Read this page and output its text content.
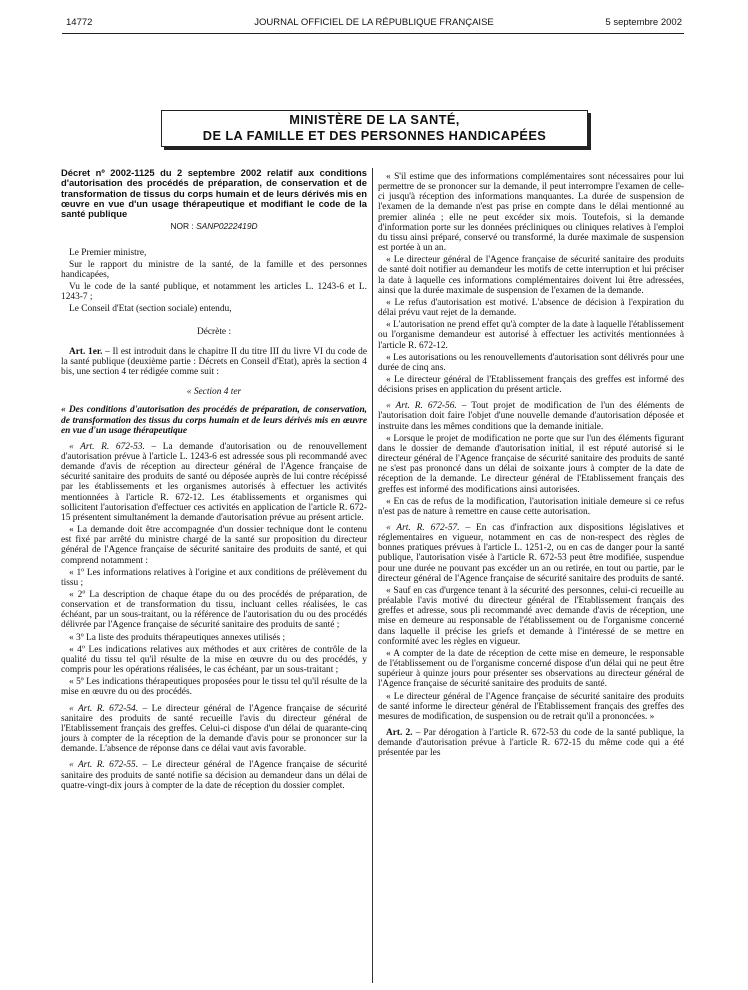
14772	JOURNAL OFFICIEL DE LA RÉPUBLIQUE FRANÇAISE	5 septembre 2002
MINISTÈRE DE LA SANTÉ,
DE LA FAMILLE ET DES PERSONNES HANDICAPÉES
Décret nº 2002-1125 du 2 septembre 2002 relatif aux conditions d'autorisation des procédés de préparation, de conservation et de transformation de tissus du corps humain et de leurs dérivés mis en œuvre en vue d'un usage thérapeutique et modifiant le code de la santé publique
NOR : SANP0222419D

Le Premier ministre,

Sur le rapport du ministre de la santé, de la famille et des personnes handicapées,

Vu le code de la santé publique, et notamment les articles L. 1243-6 et L. 1243-7 ;

Le Conseil d'Etat (section sociale) entendu,

Décrète :

Art. 1er. – Il est introduit dans le chapitre II du titre III du livre VI du code de la santé publique (deuxième partie : Décrets en Conseil d'Etat), après la section 4 bis, une section 4 ter rédigée comme suit :

« Section 4 ter

« Des conditions d'autorisation des procédés de préparation, de conservation, de transformation des tissus du corps humain et de leurs dérivés mis en œuvre en vue d'un usage thérapeutique

« Art. R. 672-53. – La demande d'autorisation ou de renouvellement d'autorisation prévue à l'article L. 1243-6 est adressée sous pli recommandé avec demande d'avis de réception au directeur général de l'Agence française de sécurité sanitaire des produits de santé ou déposée auprès de lui contre récépissé par les établissements et les organismes autorisés à effectuer les activités mentionnées à l'article R. 672-12. Les établissements et organismes qui sollicitent l'autorisation d'effectuer ces activités en application de l'article R. 672-15 présentent simultanément la demande d'autorisation prévue au présent article.

« La demande doit être accompagnée d'un dossier technique dont le contenu est fixé par arrêté du ministre chargé de la santé sur proposition du directeur général de l'Agence française de sécurité sanitaire des produits de santé, et qui comprend notamment :

« 1º Les informations relatives à l'origine et aux conditions de prélèvement du tissu ;

« 2º La description de chaque étape du ou des procédés de préparation, de conservation et de transformation du tissu, incluant celles réalisées, le cas échéant, par un sous-traitant, ou la référence de l'autorisation du ou des procédés délivrée par l'Agence française de sécurité sanitaire des produits de santé ;

« 3º La liste des produits thérapeutiques annexes utilisés ;

« 4º Les indications relatives aux méthodes et aux critères de contrôle de la qualité du tissu tel qu'il résulte de la mise en œuvre du ou des procédés, y compris pour les opérations réalisées, le cas échéant, par un sous-traitant ;

« 5º Les indications thérapeutiques proposées pour le tissu tel qu'il résulte de la mise en œuvre du ou des procédés.

« Art. R. 672-54. – Le directeur général de l'Agence française de sécurité sanitaire des produits de santé recueille l'avis du directeur général de l'Etablissement français des greffes. Celui-ci dispose d'un délai de quarante-cinq jours à compter de la réception de la demande d'avis pour se prononcer sur la demande. L'absence de réponse dans ce délai vaut avis favorable.

« Art. R. 672-55. – Le directeur général de l'Agence française de sécurité sanitaire des produits de santé notifie sa décision au demandeur dans un délai de quatre-vingt-dix jours à compter de la date de réception du dossier complet.

« S'il estime que des informations complémentaires sont nécessaires pour lui permettre de se prononcer sur la demande, il peut interrompre l'examen de celle-ci jusqu'à réception des informations manquantes. La durée de suspension de l'examen de la demande n'est pas prise en compte dans le délai mentionné au premier alinéa ; elle ne peut excéder six mois. Toutefois, si la demande d'information porte sur les données précliniques ou cliniques relatives à l'emploi du tissu ainsi préparé, conservé ou transformé, la durée maximale de suspension est portée à un an.

« Le directeur général de l'Agence française de sécurité sanitaire des produits de santé doit notifier au demandeur les motifs de cette interruption et lui préciser la date à laquelle ces informations complémentaires doivent lui être adressées, ainsi que la durée maximale de suspension de l'examen de la demande.

« Le refus d'autorisation est motivé. L'absence de décision à l'expiration du délai prévu vaut rejet de la demande.

« L'autorisation ne prend effet qu'à compter de la date à laquelle l'établissement ou l'organisme demandeur est autorisé à effectuer les activités mentionnées à l'article R. 672-12.

« Les autorisations ou les renouvellements d'autorisation sont délivrés pour une durée de cinq ans.

« Le directeur général de l'Etablissement français des greffes est informé des décisions prises en application du présent article.

« Art. R. 672-56. – Tout projet de modification de l'un des éléments de l'autorisation doit faire l'objet d'une nouvelle demande d'autorisation déposée et instruite dans les mêmes conditions que la demande initiale.

« Lorsque le projet de modification ne porte que sur l'un des éléments figurant dans le dossier de demande d'autorisation initial, il est réputé autorisé si le directeur général de l'Agence française de sécurité sanitaire des produits de santé ne s'est pas prononcé dans un délai de soixante jours à compter de la date de réception de la demande. Le directeur général de l'Etablissement français des greffes est informé des modifications ainsi autorisées.

« En cas de refus de la modification, l'autorisation initiale demeure si ce refus n'est pas de nature à remettre en cause cette autorisation.

« Art. R. 672-57. – En cas d'infraction aux dispositions législatives et réglementaires en vigueur, notamment en cas de non-respect des règles de bonnes pratiques prévues à l'article L. 1251-2, ou en cas de danger pour la santé publique, l'autorisation visée à l'article R. 672-53 peut être modifiée, suspendue pour une durée ne pouvant pas excéder un an ou retirée, en tout ou partie, par le directeur général de l'Agence française de sécurité sanitaire des produits de santé.

« Sauf en cas d'urgence tenant à la sécurité des personnes, celui-ci recueille au préalable l'avis motivé du directeur général de l'Etablissement français des greffes et adresse, sous pli recommandé avec demande d'avis de réception, une mise en demeure au responsable de l'établissement ou de l'organisme concerné dans laquelle il précise les griefs et demande à l'intéressé de se mettre en conformité avec les règles en vigueur.

« A compter de la date de réception de cette mise en demeure, le responsable de l'établissement ou de l'organisme concerné dispose d'un délai qui ne peut être supérieur à quinze jours pour présenter ses observations au directeur général de l'Agence française de sécurité sanitaire des produits de santé.

« Le directeur général de l'Agence française de sécurité sanitaire des produits de santé informe le directeur général de l'Etablissement français des greffes des mesures de modification, de suspension ou de retrait qu'il a prononcées. »

Art. 2. – Par dérogation à l'article R. 672-53 du code de la santé publique, la demande d'autorisation prévue à l'article R. 672-15 du même code qui a été présentée par les
